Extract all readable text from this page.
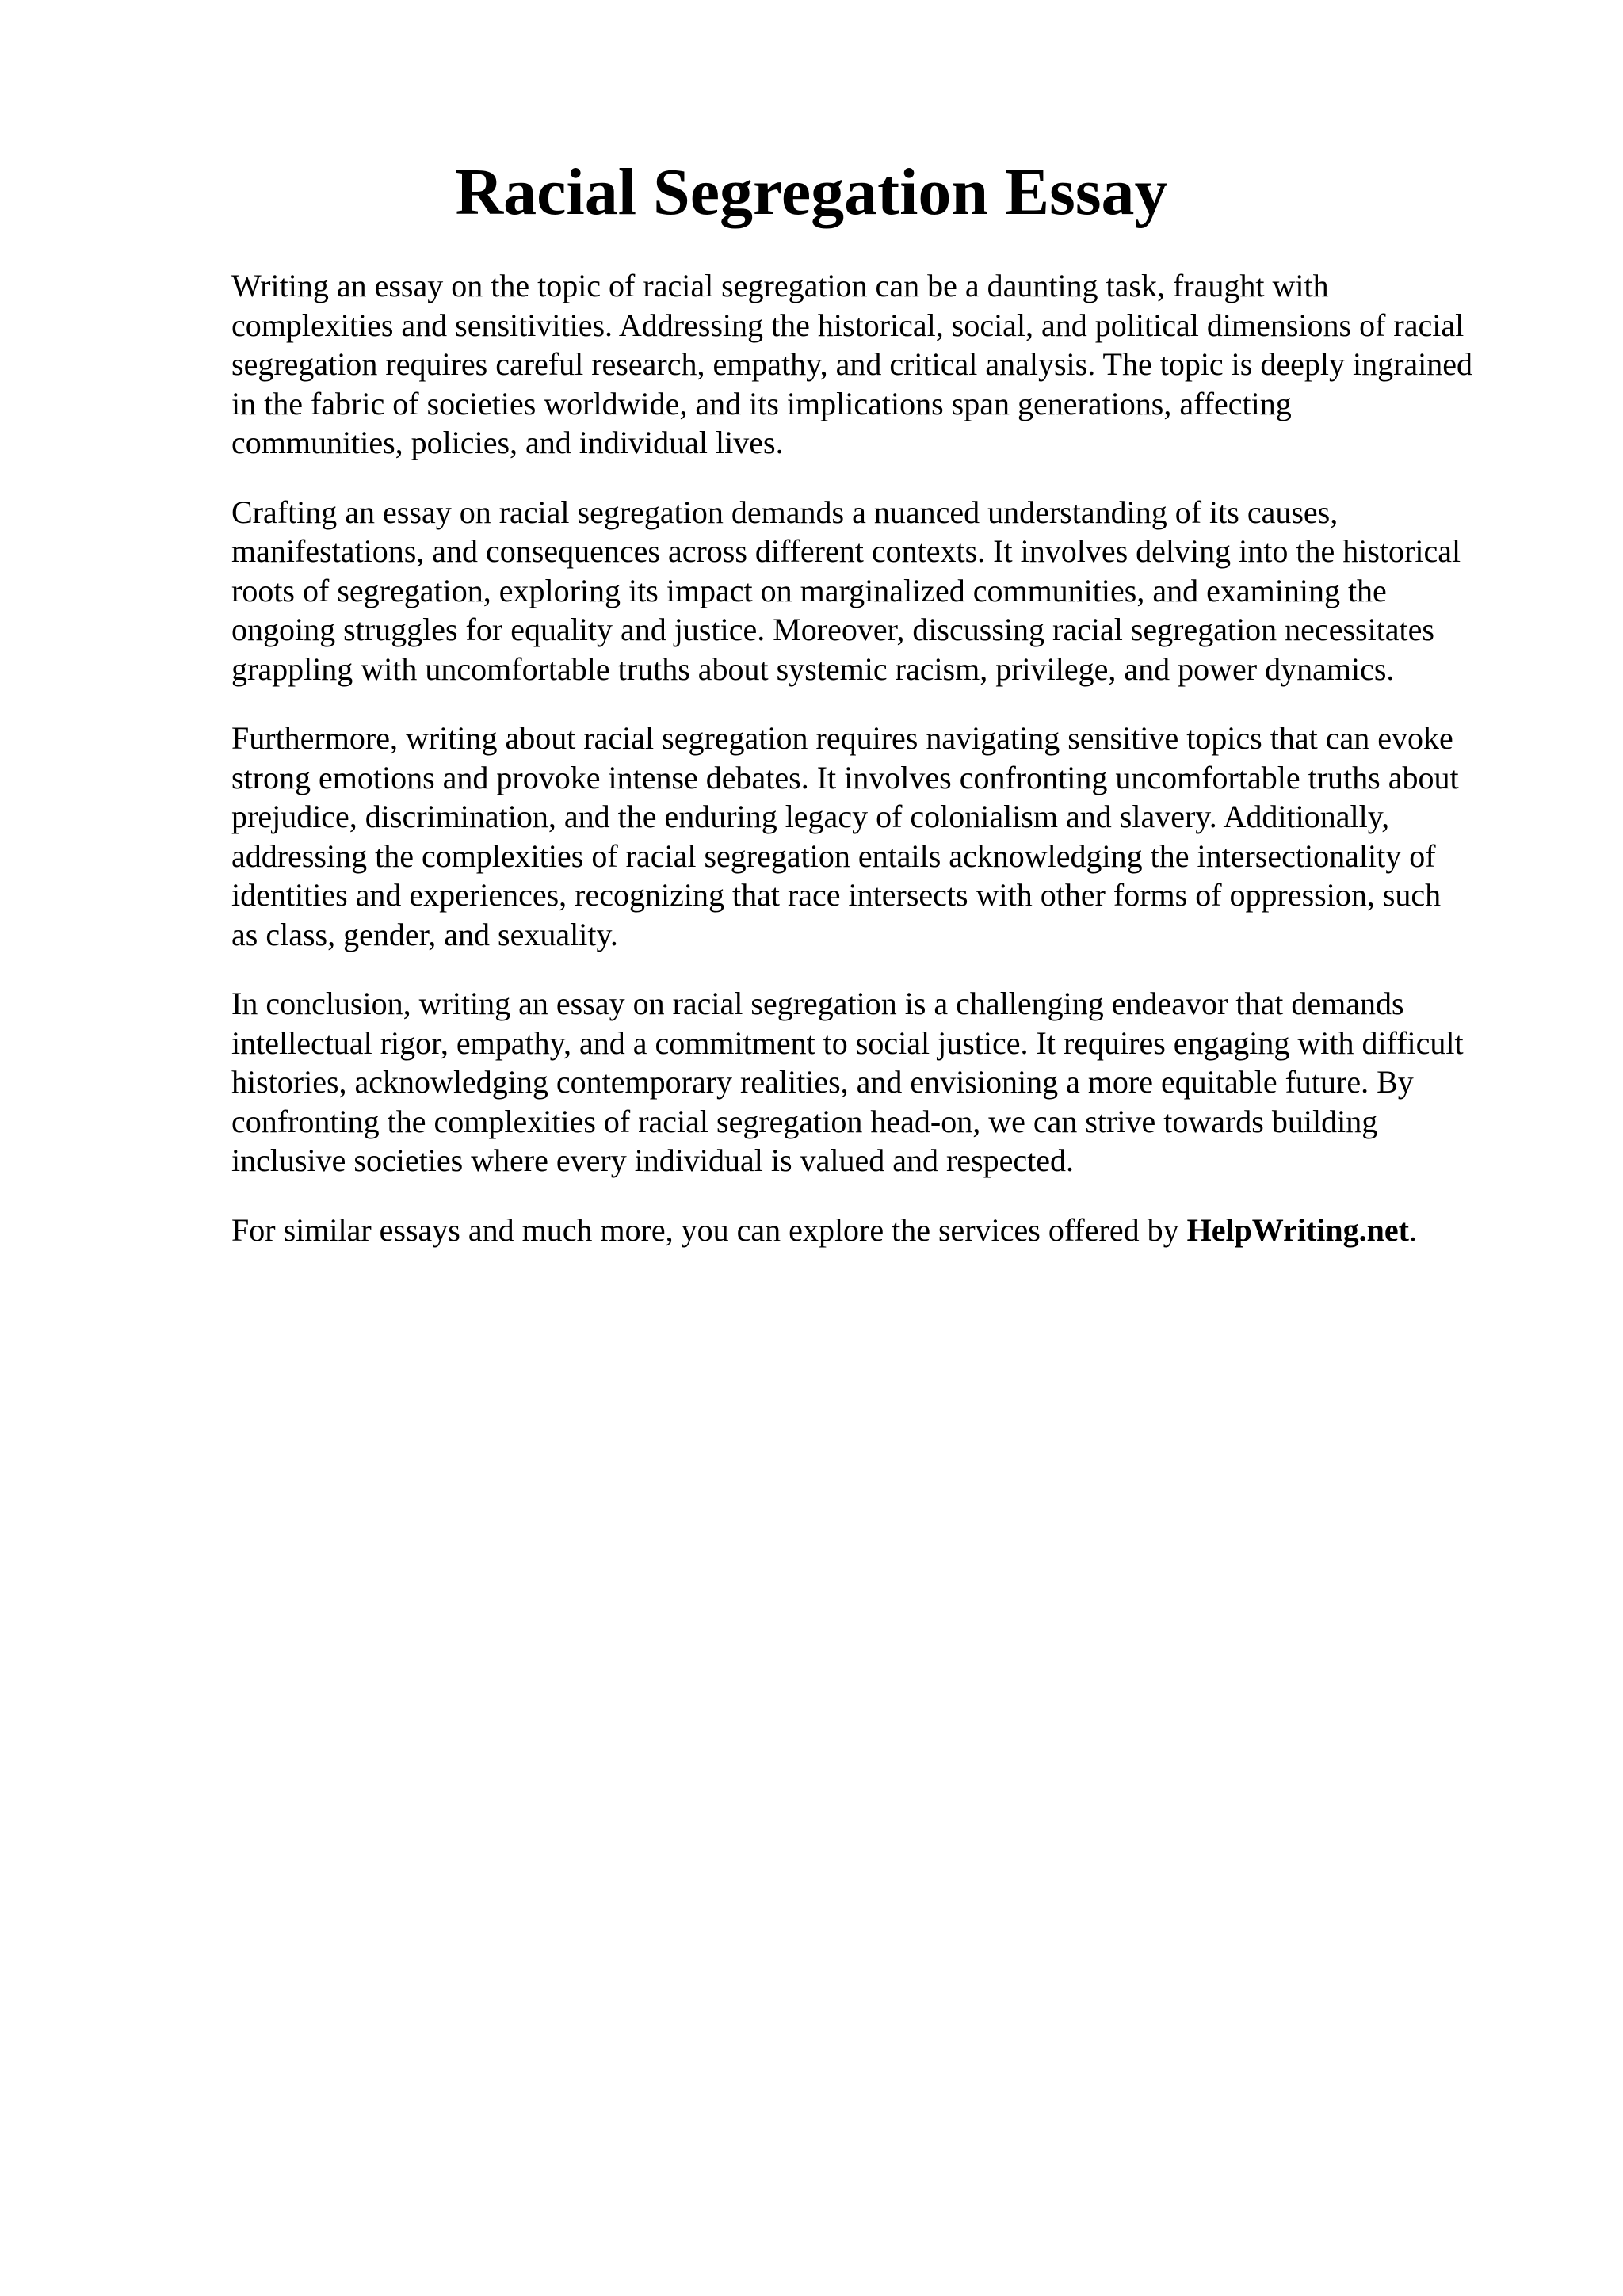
Racial Segregation Essay

Writing an essay on the topic of racial segregation can be a daunting task, fraught with
complexities and sensitivities. Addressing the historical, social, and political dimensions of racial
segregation requires careful research, empathy, and critical analysis. The topic is deeply ingrained
in the fabric of societies worldwide, and its implications span generations, affecting
communities, policies, and individual lives.

Crafting an essay on racial segregation demands a nuanced understanding of its causes,
manifestations, and consequences across different contexts. It involves delving into the historical
roots of segregation, exploring its impact on marginalized communities, and examining the
ongoing struggles for equality and justice. Moreover, discussing racial segregation necessitates
grappling with uncomfortable truths about systemic racism, privilege, and power dynamics.

Furthermore, writing about racial segregation requires navigating sensitive topics that can evoke
strong emotions and provoke intense debates. It involves confronting uncomfortable truths about
prejudice, discrimination, and the enduring legacy of colonialism and slavery. Additionally,
addressing the complexities of racial segregation entails acknowledging the intersectionality of
identities and experiences, recognizing that race intersects with other forms of oppression, such
as class, gender, and sexuality.

In conclusion, writing an essay on racial segregation is a challenging endeavor that demands
intellectual rigor, empathy, and a commitment to social justice. It requires engaging with difficult
histories, acknowledging contemporary realities, and envisioning a more equitable future. By
confronting the complexities of racial segregation head-on, we can strive towards building
inclusive societies where every individual is valued and respected.

For similar essays and much more, you can explore the services offered by HelpWriting.net.
